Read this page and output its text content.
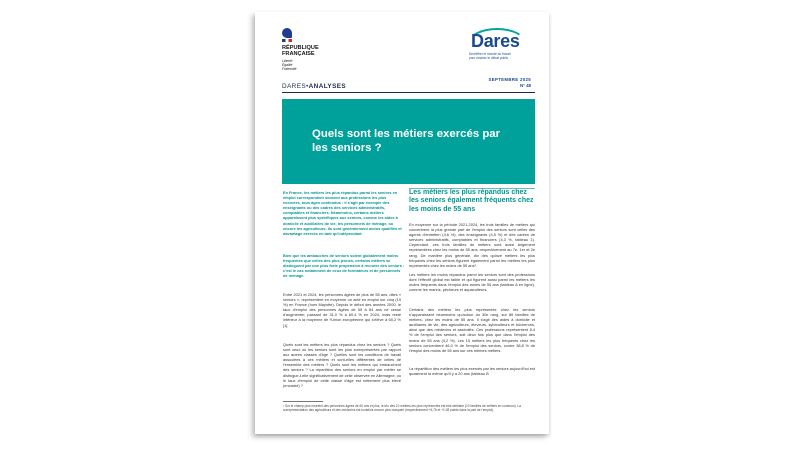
RÉPUBLIQUE
FRANÇAISE
Liberté
Égalité
Fraternité
Dares
Dechiffrer le monde du travail
pour éclairer le débat public
SEPTEMBRE 2025
N° 48
DARES•ANALYSES
Quels sont les métiers exercés par les seniors ?

En France, les métiers les plus répandus parmi les seniors en emploi correspondent souvent aux professions les plus exercées, tous âges confondus : il s'agit par exemple des enseignants ou des cadres des services administratifs, comptables et financiers. Néanmoins, certains métiers apparaissent plus spécifiques aux seniors, comme les aides à domicile et auxiliaires de vie, les personnels de ménage, ou encore les agriculteurs. Ils sont généralement moins qualifiés et davantage exercés en tant qu'indépendant.

Bien que les ambauches de seniors soient globalement moins fréquentes que celles des plus jeunes, certains métiers se distinguent par une plus forte propension à recruter des seniors : c'est le cas notamment de ceux de formateurs et de personnels de ménage.

Les métiers les plus répandus chez les seniors également fréquents chez les moins de 55 ans

Entre 2021 et 2024, les personnes âgées de plus de 55 ans, dites « seniors », représentent en moyenne un actif en emploi sur cinq (19 %) en France (hors Mayotte). Depuis le début des années 2000, le taux d'emploi des personnes âgées de 55 à 64 ans ne cesse d'augmenter, passant de 31,0 % à 60,4 % en 2024, mais reste inférieur à la moyenne de l'Union européenne qui s'élève à 65,2 % [1].

Quels sont les métiers les plus répandus chez les seniors ? Quels sont ceux où les seniors sont les plus surreprésentés par rapport aux autres classes d'âge ? Quelles sont les conditions de travail associées à ces métiers et sont-elles différentes de celles de l'ensemble des métiers ? Quels sont les métiers qui embauchent des seniors ? La répartition des seniors en emploi par métier se distingue-t-elle significativement de celle observée en Allemagne, où le taux d'emploi de cette classe d'âge est nettement plus élevé (encadré) ?

En moyenne sur la période 2021-2024, les trois familles de métiers qui concentrent la plus grande part de l'emploi des seniors sont celles des agents d'entretien (4,6 %), des enseignants (4,5 %) et des cadres de services administratifs, comptables et financiers (4,3 %, tableau 1). Cependant, ces trois familles de métiers sont aussi largement représentées chez les moins de 55 ans, respectivement au 7e, 1er et 2e rang. De manière plus générale, dix des quinze métiers les plus fréquents chez les seniors figurent également parmi les métiers les plus représentés chez les moins de 55 ans¹.

Les métiers les moins répandus parmi les seniors sont des professions dont l'effectif global est faible et qui figurent aussi parmi les métiers les moins fréquents dans l'emploi des moins de 55 ans (tableau A en ligne), comme les marins, pêcheurs et aquaculteurs.

Certains des métiers les plus représentés chez les seniors n'apparaissent néanmoins qu'autour du 30e rang, sur 86 familles de métiers, chez les moins de 55 ans. Il s'agit des aides à domicile et auxiliaires de vie, des agriculteurs, éleveurs, sylviculteurs et bûcherons, ainsi que des médecins et assimilés. Ces professions représentent 8,4 % de l'emploi des seniors, soit deux fois plus que dans l'emploi des moins de 55 ans (4,2 %). Les 15 métiers les plus fréquents chez les seniors concentrent 46,0 % de l'emploi des seniors, contre 38,8 % de l'emploi des moins de 55 ans sur ces mêmes métiers.

La répartition des métiers les plus exercés par les seniors aujourd'hui est quasiment la même qu'il y a 20 ans (tableau B

¹ Sur le champ plus restreint des personnes âgées de 60 ans et plus, le trio des 10 métiers les plus représentés est très similaire (10 familles de métiers en commun). La surreprésentation des agriculteurs et des médecins est toutefois encore plus marquée (respectivement +6,76 et +1,08 points dans la part de l'emploi).
